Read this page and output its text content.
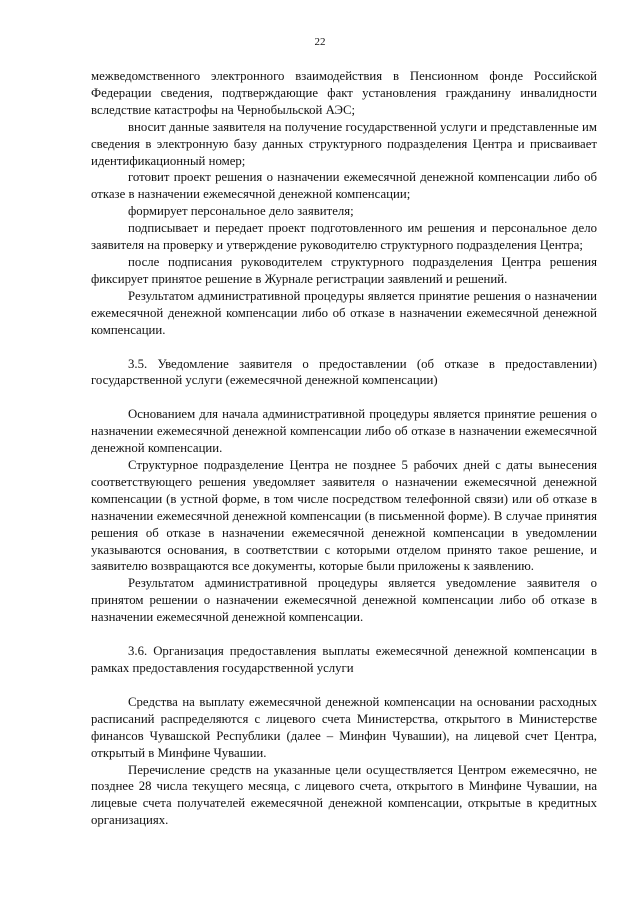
22

межведомственного электронного взаимодействия в Пенсионном фонде Российской Федерации сведения, подтверждающие факт установления гражданину инвалидности вследствие катастрофы на Чернобыльской АЭС;

вносит данные заявителя на получение государственной услуги и представленные им сведения в электронную базу данных структурного подразделения Центра и присваивает идентификационный номер;

готовит проект решения о назначении ежемесячной денежной компенсации либо об отказе в назначении ежемесячной денежной компенсации;

формирует персональное дело заявителя;

подписывает и передает проект подготовленного им решения и персональное дело заявителя на проверку и утверждение руководителю структурного подразделения Центра;

после подписания руководителем структурного подразделения Центра решения фиксирует принятое решение в Журнале регистрации заявлений и решений.

Результатом административной процедуры является принятие решения о назначении ежемесячной денежной компенсации либо об отказе в назначении ежемесячной денежной компенсации.

3.5. Уведомление заявителя о предоставлении (об отказе в предоставлении) государственной услуги (ежемесячной денежной компенсации)

Основанием для начала административной процедуры является принятие решения о назначении ежемесячной денежной компенсации либо об отказе в назначении ежемесячной денежной компенсации.

Структурное подразделение Центра не позднее 5 рабочих дней с даты вынесения соответствующего решения уведомляет заявителя о назначении ежемесячной денежной компенсации (в устной форме, в том числе посредством телефонной связи) или об отказе в назначении ежемесячной денежной компенсации (в письменной форме). В случае принятия решения об отказе в назначении ежемесячной денежной компенсации в уведомлении указываются основания, в соответствии с которыми отделом принято такое решение, и заявителю возвращаются все документы, которые были приложены к заявлению.

Результатом административной процедуры является уведомление заявителя о принятом решении о назначении ежемесячной денежной компенсации либо об отказе в назначении ежемесячной денежной компенсации.

3.6. Организация предоставления выплаты ежемесячной денежной компенсации в рамках предоставления государственной услуги

Средства на выплату ежемесячной денежной компенсации на основании расходных расписаний распределяются с лицевого счета Министерства, открытого в Министерстве финансов Чувашской Республики (далее – Минфин Чувашии), на лицевой счет Центра, открытый в Минфине Чувашии.

Перечисление средств на указанные цели осуществляется Центром ежемесячно, не позднее 28 числа текущего месяца, с лицевого счета, открытого в Минфине Чувашии, на лицевые счета получателей ежемесячной денежной компенсации, открытые в кредитных организациях.
